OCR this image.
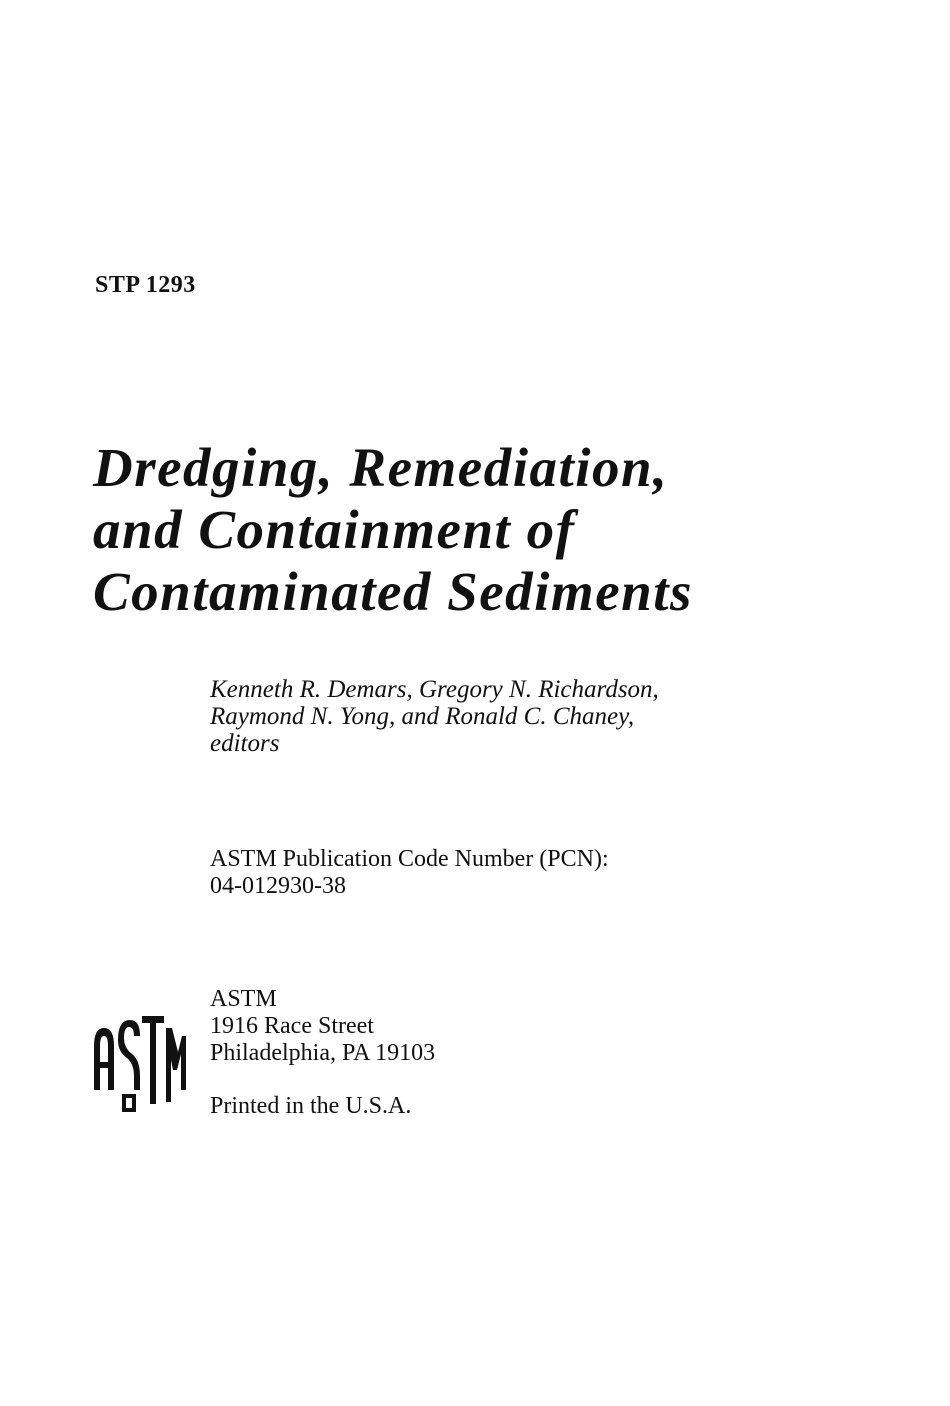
STP 1293

Dredging, Remediation,
and Containment of
Contaminated Sediments

Kenneth R. Demars, Gregory N. Richardson,
Raymond N. Yong, and Ronald C. Chaney,
editors

ASTM Publication Code Number (PCN):
04-012930-38

ASTM
1916 Race Street
Philadelphia, PA 19103

Printed in the U.S.A.
